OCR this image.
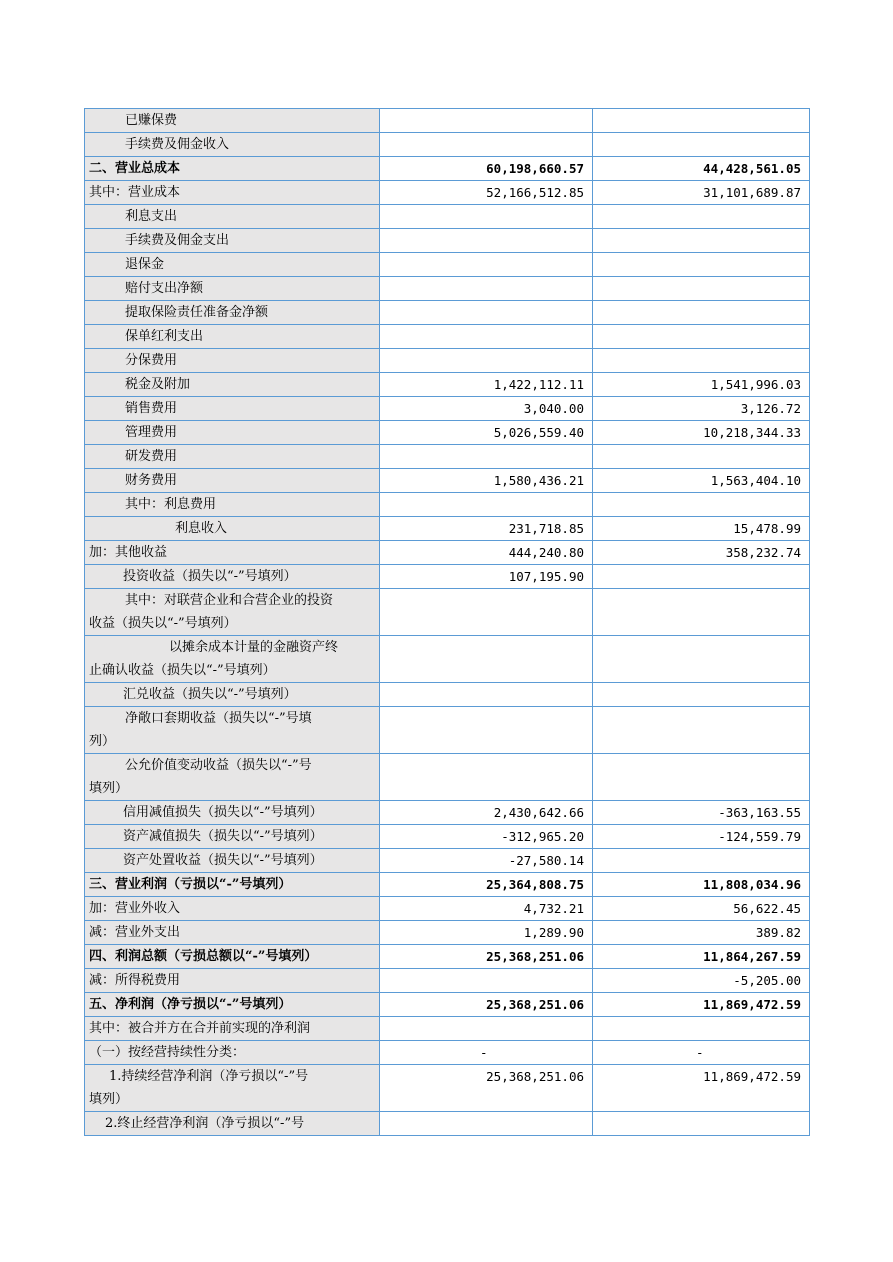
已赚保费		
手续费及佣金收入		
二、营业总成本	60,198,660.57	44,428,561.05
其中：营业成本	52,166,512.85	31,101,689.87
利息支出		
手续费及佣金支出		
退保金		
赔付支出净额		
提取保险责任准备金净额		
保单红利支出		
分保费用		
税金及附加	1,422,112.11	1,541,996.03
销售费用	3,040.00	3,126.72
管理费用	5,026,559.40	10,218,344.33
研发费用		
财务费用	1,580,436.21	1,563,404.10
其中：利息费用		
利息收入	231,718.85	15,478.99
加：其他收益	444,240.80	358,232.74
投资收益（损失以“-”号填列）	107,195.90	

其中：对联营企业和合营企业的投资
收益（损失以“-”号填列）		

以摊余成本计量的金融资产终
止确认收益（损失以“-”号填列）		
汇兑收益（损失以“-”号填列）		

净敞口套期收益（损失以“-”号填
列）		

公允价值变动收益（损失以“-”号
填列）		
信用减值损失（损失以“-”号填列）	2,430,642.66	-363,163.55
资产减值损失（损失以“-”号填列）	-312,965.20	-124,559.79
资产处置收益（损失以“-”号填列）	-27,580.14	
三、营业利润（亏损以“-”号填列）	25,364,808.75	11,808,034.96
加：营业外收入	4,732.21	56,622.45
减：营业外支出	1,289.90	389.82
四、利润总额（亏损总额以“-”号填列）	25,368,251.06	11,864,267.59
减：所得税费用		-5,205.00
五、净利润（净亏损以“-”号填列）	25,368,251.06	11,869,472.59
其中：被合并方在合并前实现的净利润		
（一）按经营持续性分类：	-	-

1.持续经营净利润（净亏损以“-”号
填列）	25,368,251.06	11,869,472.59
2.终止经营净利润（净亏损以“-”号		
